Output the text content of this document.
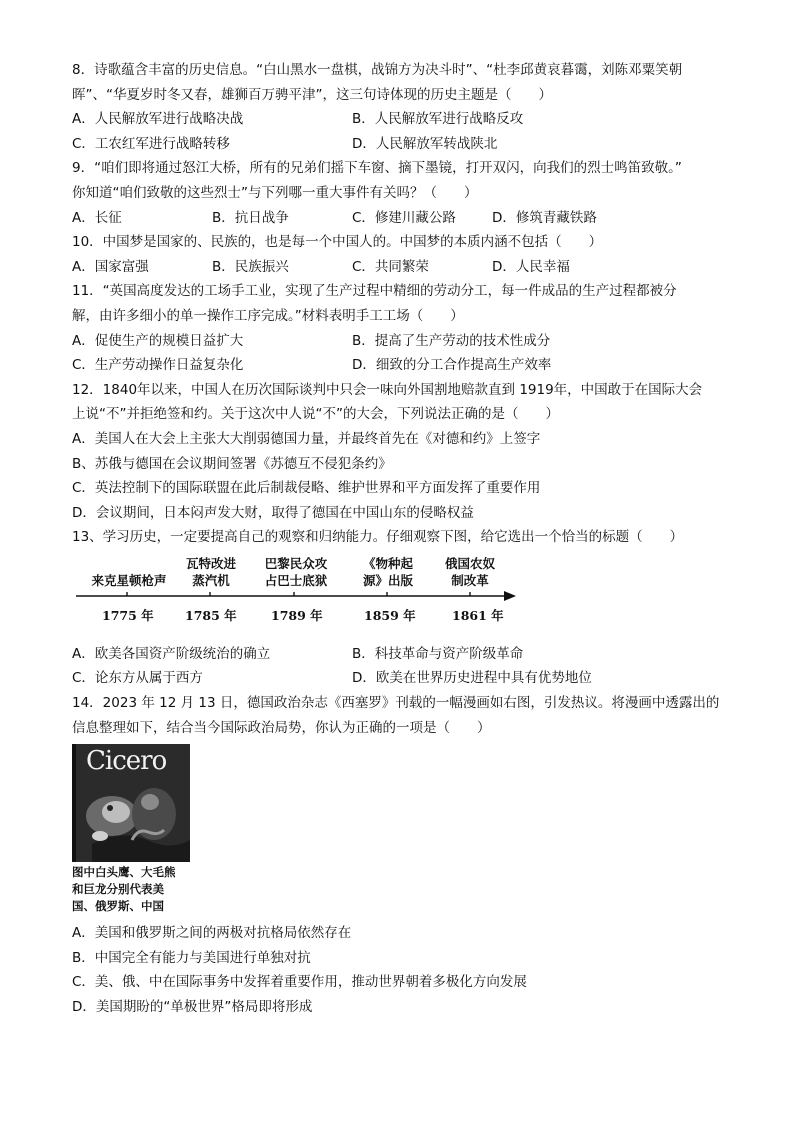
8．诗歌蕴含丰富的历史信息。“白山黑水一盘棋，战锦方为决斗时”、“杜李邱黄哀暮霭，刘陈邓粟笑朝
晖”、“华夏岁时冬又春，雄狮百万骋平津”，这三句诗体现的历史主题是（　　）
A．人民解放军进行战略决战	B．人民解放军进行战略反攻
C．工农红军进行战略转移	D．人民解放军转战陕北
9．“咱们即将通过怒江大桥，所有的兄弟们摇下车窗、摘下墨镜，打开双闪，向我们的烈士鸣笛致敬。”
你知道“咱们致敬的这些烈士”与下列哪一重大事件有关吗？（　　）
A．长征	B．抗日战争	C．修建川藏公路	D．修筑青藏铁路
10．中国梦是国家的、民族的，也是每一个中国人的。中国梦的本质内涵不包括（　　）
A．国家富强	B．民族振兴	C．共同繁荣	D．人民幸福
11．“英国高度发达的工场手工业，实现了生产过程中精细的劳动分工，每一件成品的生产过程都被分
解，由许多细小的单一操作工序完成。”材料表明手工工场（　　）
A．促使生产的规模日益扩大	B．提高了生产劳动的技术性成分
C．生产劳动操作日益复杂化	D．细致的分工合作提高生产效率
12．1840年以来，中国人在历次国际谈判中只会一味向外国割地赔款直到 1919年，中国敢于在国际大会
上说“不”并拒绝签和约。关于这次中人说“不”的大会，下列说法正确的是（　　）
A．美国人在大会上主张大大削弱德国力量，并最终首先在《对德和约》上签字
B、苏俄与德国在会议期间签署《苏德互不侵犯条约》
C．英法控制下的国际联盟在此后制裁侵略、维护世界和平方面发挥了重要作用
D．会议期间，日本闷声发大财，取得了德国在中国山东的侵略权益
13、学习历史，一定要提高自己的观察和归纳能力。仔细观察下图，给它选出一个恰当的标题（　　）
来克星顿枪声
瓦特改进
蒸汽机
巴黎民众攻
占巴士底狱
《物种起
源》出版
俄国农奴
制改革
1775 年	1785 年	1789 年	1859 年	1861 年
A．欧美各国资产阶级统治的确立	B．科技革命与资产阶级革命
C．论东方从属于西方	D．欧美在世界历史进程中具有优势地位
14．2023 年 12 月 13 日，德国政治杂志《西塞罗》刊载的一幅漫画如右图，引发热议。将漫画中透露出的
信息整理如下，结合当今国际政治局势，你认为正确的一项是（　　）
Cicero
图中白头鹰、大毛熊
和巨龙分别代表美
国、俄罗斯、中国
A．美国和俄罗斯之间的两极对抗格局依然存在
B．中国完全有能力与美国进行单独对抗
C．美、俄、中在国际事务中发挥着重要作用，推动世界朝着多极化方向发展
D．美国期盼的“单极世界”格局即将形成
